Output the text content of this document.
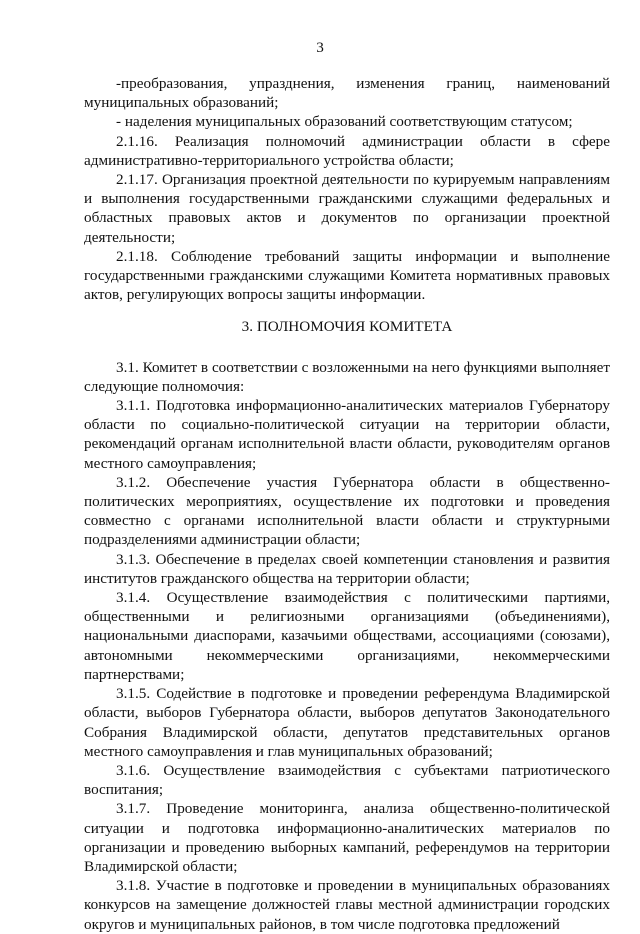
3

-преобразования, упразднения, изменения границ, наименований муниципальных образований;

- наделения муниципальных образований соответствующим статусом;

2.1.16. Реализация полномочий администрации области в сфере административно-территориального устройства области;

2.1.17. Организация проектной деятельности по курируемым направлениям и выполнения государственными гражданскими служащими федеральных и областных правовых актов и документов по организации проектной деятельности;

2.1.18. Соблюдение требований защиты информации и выполнение государственными гражданскими служащими Комитета нормативных правовых актов, регулирующих вопросы защиты информации.

3. ПОЛНОМОЧИЯ КОМИТЕТА

3.1. Комитет в соответствии с возложенными на него функциями выполняет следующие полномочия:

3.1.1. Подготовка информационно-аналитических материалов Губернатору области по социально-политической ситуации на территории области, рекомендаций органам исполнительной власти области, руководителям органов местного самоуправления;

3.1.2. Обеспечение участия Губернатора области в общественно-политических мероприятиях, осуществление их подготовки и проведения совместно с органами исполнительной власти области и структурными подразделениями администрации области;

3.1.3. Обеспечение в пределах своей компетенции становления и развития институтов гражданского общества на территории области;

3.1.4. Осуществление взаимодействия с политическими партиями, общественными и религиозными организациями (объединениями), национальными диаспорами, казачьими обществами, ассоциациями (союзами), автономными некоммерческими организациями, некоммерческими партнерствами;

3.1.5. Содействие в подготовке и проведении референдума Владимирской области, выборов Губернатора области, выборов депутатов Законодательного Собрания Владимирской области, депутатов представительных органов местного самоуправления и глав муниципальных образований;

3.1.6. Осуществление взаимодействия с субъектами патриотического воспитания;

3.1.7. Проведение мониторинга, анализа общественно-политической ситуации и подготовка информационно-аналитических материалов по организации и проведению выборных кампаний, референдумов на территории Владимирской области;

3.1.8. Участие в подготовке и проведении в муниципальных образованиях конкурсов на замещение должностей главы местной администрации городских округов и муниципальных районов, в том числе подготовка предложений
